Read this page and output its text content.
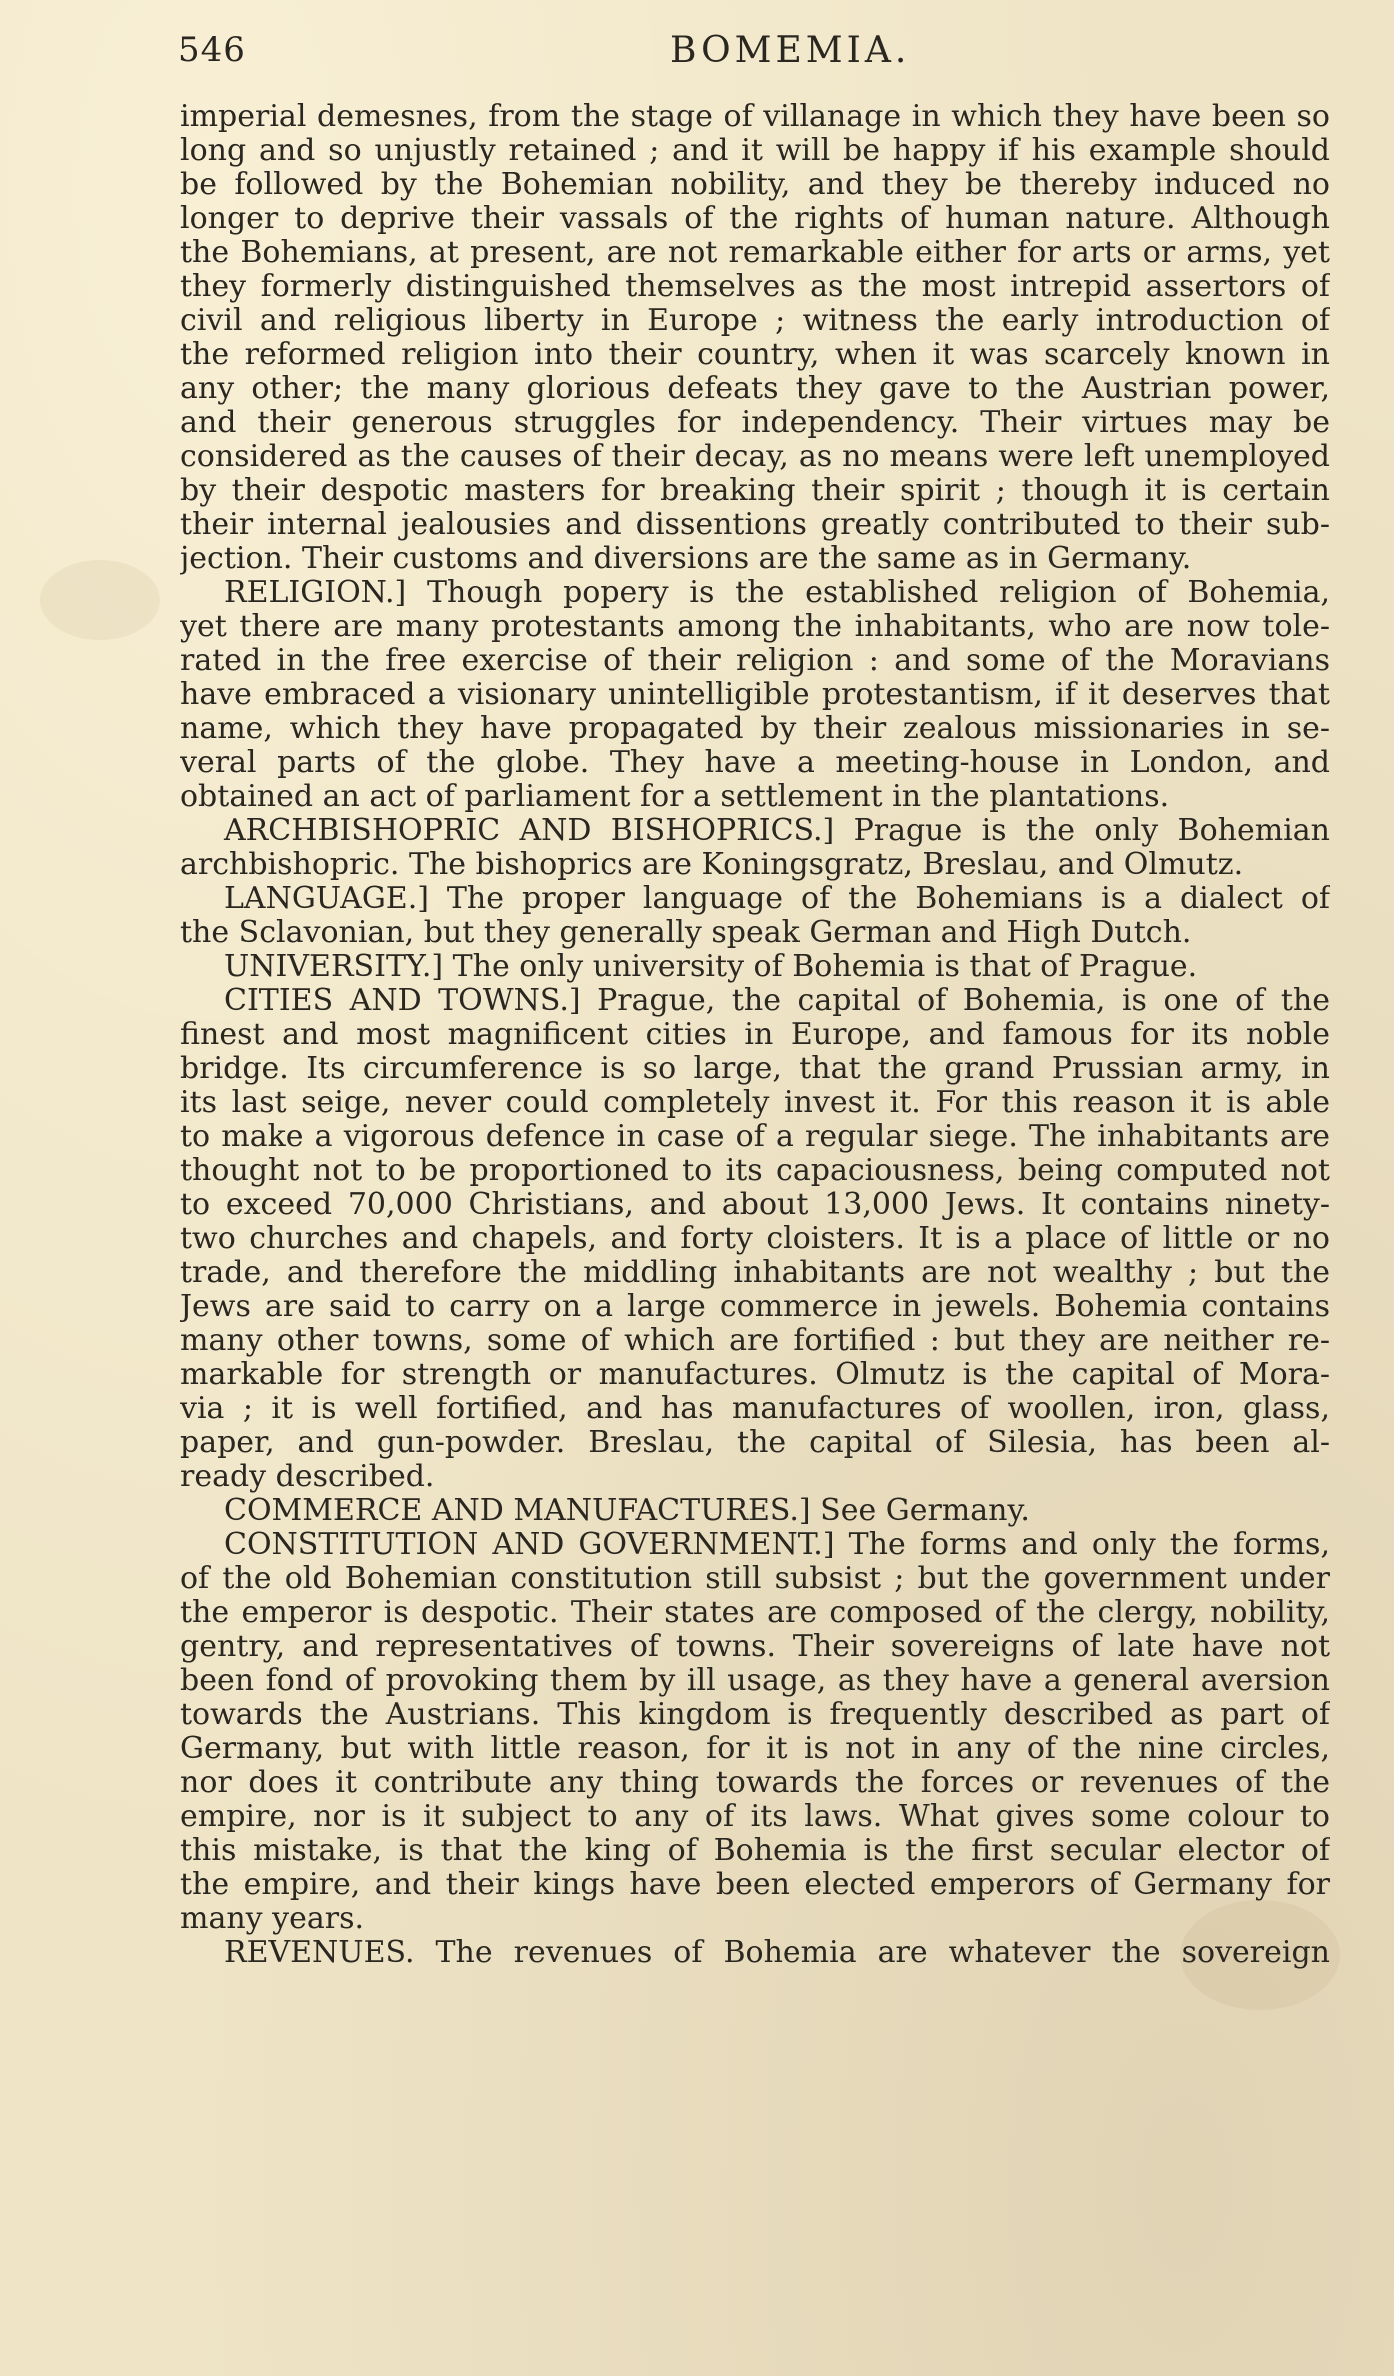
546	BOMEMIA.
imperial demesnes, from the stage of villanage in which they have been so
long and so unjustly retained ; and it will be happy if his example should
be followed by the Bohemian nobility, and they be thereby induced no
longer to deprive their vassals of the rights of human nature. Although
the Bohemians, at present, are not remarkable either for arts or arms, yet
they formerly distinguished themselves as the most intrepid assertors of
civil and religious liberty in Europe ; witness the early introduction of
the reformed religion into their country, when it was scarcely known in
any other; the many glorious defeats they gave to the Austrian power,
and their generous struggles for independency. Their virtues may be
considered as the causes of their decay, as no means were left unemployed
by their despotic masters for breaking their spirit ; though it is certain
their internal jealousies and dissentions greatly contributed to their sub-
jection. Their customs and diversions are the same as in Germany.
RELIGION.] Though popery is the established religion of Bohemia,
yet there are many protestants among the inhabitants, who are now tole-
rated in the free exercise of their religion : and some of the Moravians
have embraced a visionary unintelligible protestantism, if it deserves that
name, which they have propagated by their zealous missionaries in se-
veral parts of the globe. They have a meeting-house in London, and
obtained an act of parliament for a settlement in the plantations.
ARCHBISHOPRIC AND BISHOPRICS.] Prague is the only Bohemian
archbishopric. The bishoprics are Koningsgratz, Breslau, and Olmutz.
LANGUAGE.] The proper language of the Bohemians is a dialect of
the Sclavonian, but they generally speak German and High Dutch.
UNIVERSITY.] The only university of Bohemia is that of Prague.
CITIES AND TOWNS.] Prague, the capital of Bohemia, is one of the
finest and most magnificent cities in Europe, and famous for its noble
bridge. Its circumference is so large, that the grand Prussian army, in
its last seige, never could completely invest it. For this reason it is able
to make a vigorous defence in case of a regular siege. The inhabitants are
thought not to be proportioned to its capaciousness, being computed not
to exceed 70,000 Christians, and about 13,000 Jews. It contains ninety-
two churches and chapels, and forty cloisters. It is a place of little or no
trade, and therefore the middling inhabitants are not wealthy ; but the
Jews are said to carry on a large commerce in jewels. Bohemia contains
many other towns, some of which are fortified : but they are neither re-
markable for strength or manufactures. Olmutz is the capital of Mora-
via ; it is well fortified, and has manufactures of woollen, iron, glass,
paper, and gun-powder. Breslau, the capital of Silesia, has been al-
ready described.
COMMERCE AND MANUFACTURES.] See Germany.
CONSTITUTION AND GOVERNMENT.] The forms and only the forms,
of the old Bohemian constitution still subsist ; but the government under
the emperor is despotic. Their states are composed of the clergy, nobility,
gentry, and representatives of towns. Their sovereigns of late have not
been fond of provoking them by ill usage, as they have a general aversion
towards the Austrians. This kingdom is frequently described as part of
Germany, but with little reason, for it is not in any of the nine circles,
nor does it contribute any thing towards the forces or revenues of the
empire, nor is it subject to any of its laws. What gives some colour to
this mistake, is that the king of Bohemia is the first secular elector of
the empire, and their kings have been elected emperors of Germany for
many years.
REVENUES. The revenues of Bohemia are whatever the sovereign
